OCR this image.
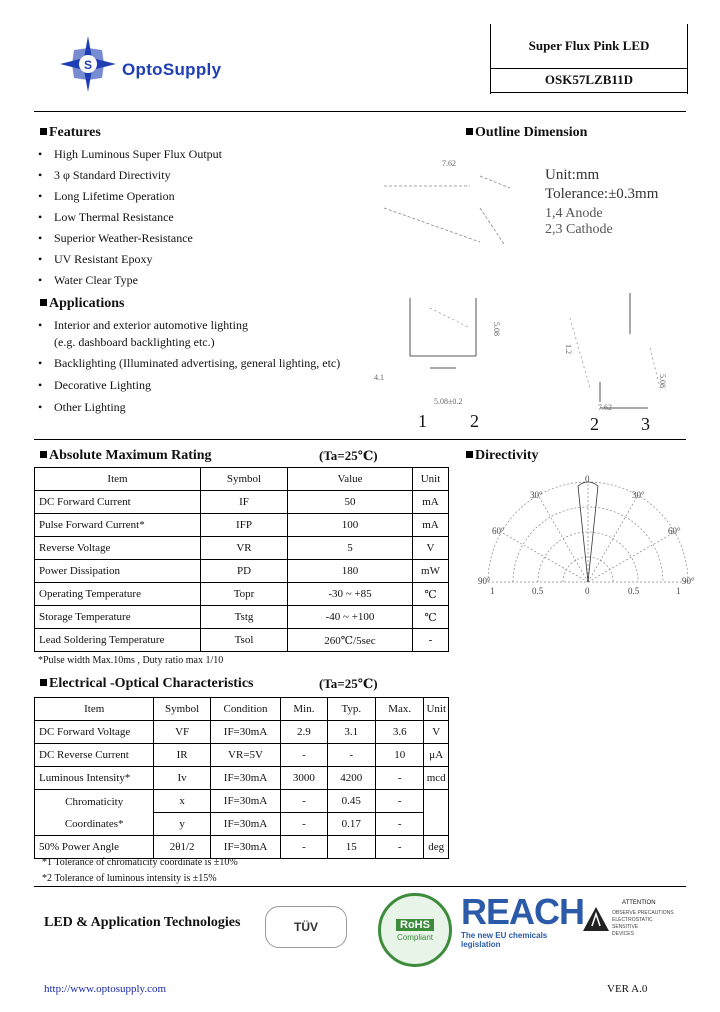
S OptoSupply
Super Flux Pink LED
OSK57LZB11D
Features
• High Luminous Super Flux Output
• 3 φ Standard Directivity
• Long Lifetime Operation
• Low Thermal Resistance
• Superior Weather-Resistance
• UV Resistant Epoxy
• Water Clear Type
Applications
• Interior and exterior automotive lighting
(e.g. dashboard backlighting etc.)
• Backlighting (Illuminated advertising, general lighting, etc)
• Decorative Lighting
• Other Lighting
Outline Dimension
7.62
5.08
4.1
5.08±0.2
7.62
5.08
1.2
Unit:mm
Tolerance:±0.3mm
1,4 Anode
2,3 Cathode
1 2	2 3
Absolute Maximum Rating	(Ta=25℃)
Item	Symbol	Value	Unit
DC Forward Current	IF	50	mA
Pulse Forward Current*	IFP	100	mA
Reverse Voltage	VR	5	V
Power Dissipation	PD	180	mW
Operating Temperature	Topr	-30 ~ +85	℃
Storage Temperature	Tstg	-40 ~ +100	℃
Lead Soldering Temperature	Tsol	260℃/5sec	-
*Pulse width Max.10ms , Duty ratio max 1/10
Directivity
0
30°	30°
60°	60°
90°	90°
1	0.5	0	0.5	1
Electrical -Optical Characteristics	(Ta=25℃)
Item	Symbol	Condition	Min.	Typ.	Max.	Unit
DC Forward Voltage	VF	IF=30mA	2.9	3.1	3.6	V
DC Reverse Current	IR	VR=5V	-	-	10	μA
Luminous Intensity*	Iv	IF=30mA	3000	4200	-	mcd

Chromaticity
Coordinates*	x	IF=30mA	-	0.45	-	
	y	IF=30mA	-	0.17	-	
50% Power Angle	2θ1/2	IF=30mA	-	15	-	deg
*1 Tolerance of chromaticity coordinate is ±10%
*2 Tolerance of luminous intensity is ±15%
LED & Application Technologies	TÜV	RoHS
Compliant
REACH
The new EU chemicals legislation
ATTENTION
OBSERVE PRECAUTIONS
ELECTROSTATIC
SENSITIVE
DEVICES
http://www.optosupply.com	VER A.0
